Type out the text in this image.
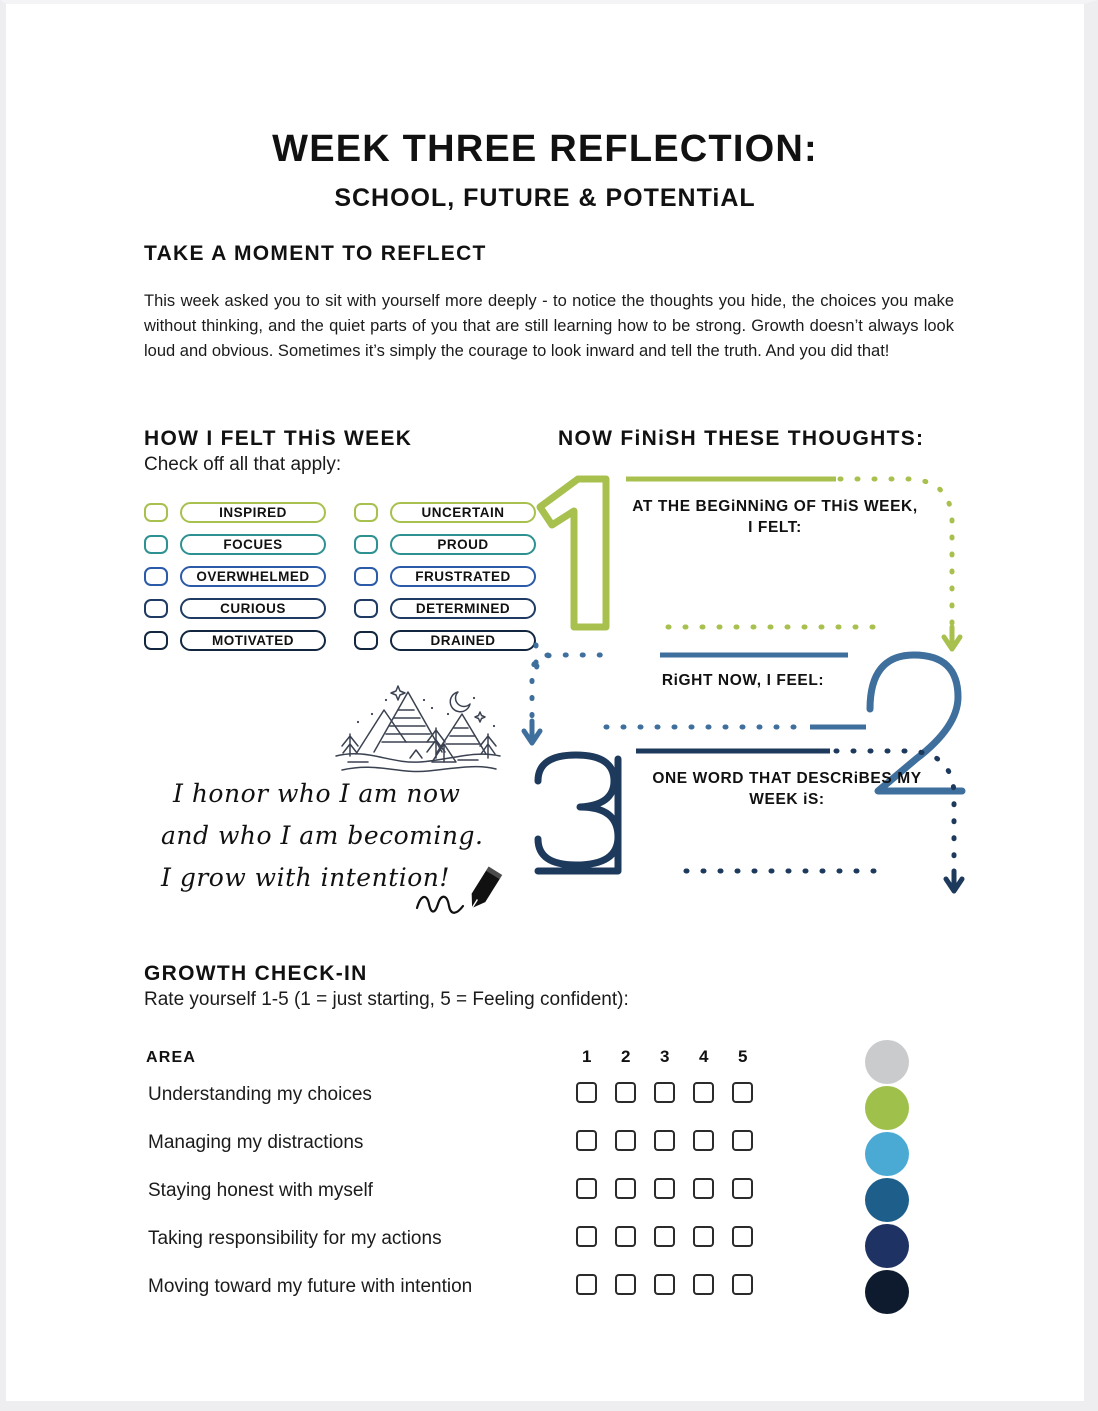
WEEK THREE REFLECTION:
SCHOOL, FUTURE & POTENTiAL
TAKE A MOMENT TO REFLECT
This week asked you to sit with yourself more deeply - to notice the thoughts you hide, the choices you make without thinking, and the quiet parts of you that are still learning how to be strong. Growth doesn’t always look loud and obvious. Sometimes it’s simply the courage to look inward and tell the truth. And you did that!
HOW I FELT THiS WEEK
Check off all that apply:
INSPIRED
FOCUES
OVERWHELMED
CURIOUS
MOTIVATED
UNCERTAIN
PROUD
FRUSTRATED
DETERMINED
DRAINED
I honor who I am now
and who I am becoming.
I grow with intention!
NOW FiNiSH THESE THOUGHTS:
AT THE BEGiNNiNG OF THiS WEEK,
I FELT:
RiGHT NOW, I FEEL:
ONE WORD THAT DESCRiBES MY
WEEK iS:
GROWTH CHECK-IN
Rate yourself 1-5 (1 = just starting, 5 = Feeling confident):
AREA	1	2	3	4	5
Understanding my choices
Managing my distractions
Staying honest with myself
Taking responsibility for my actions
Moving toward my future with intention
